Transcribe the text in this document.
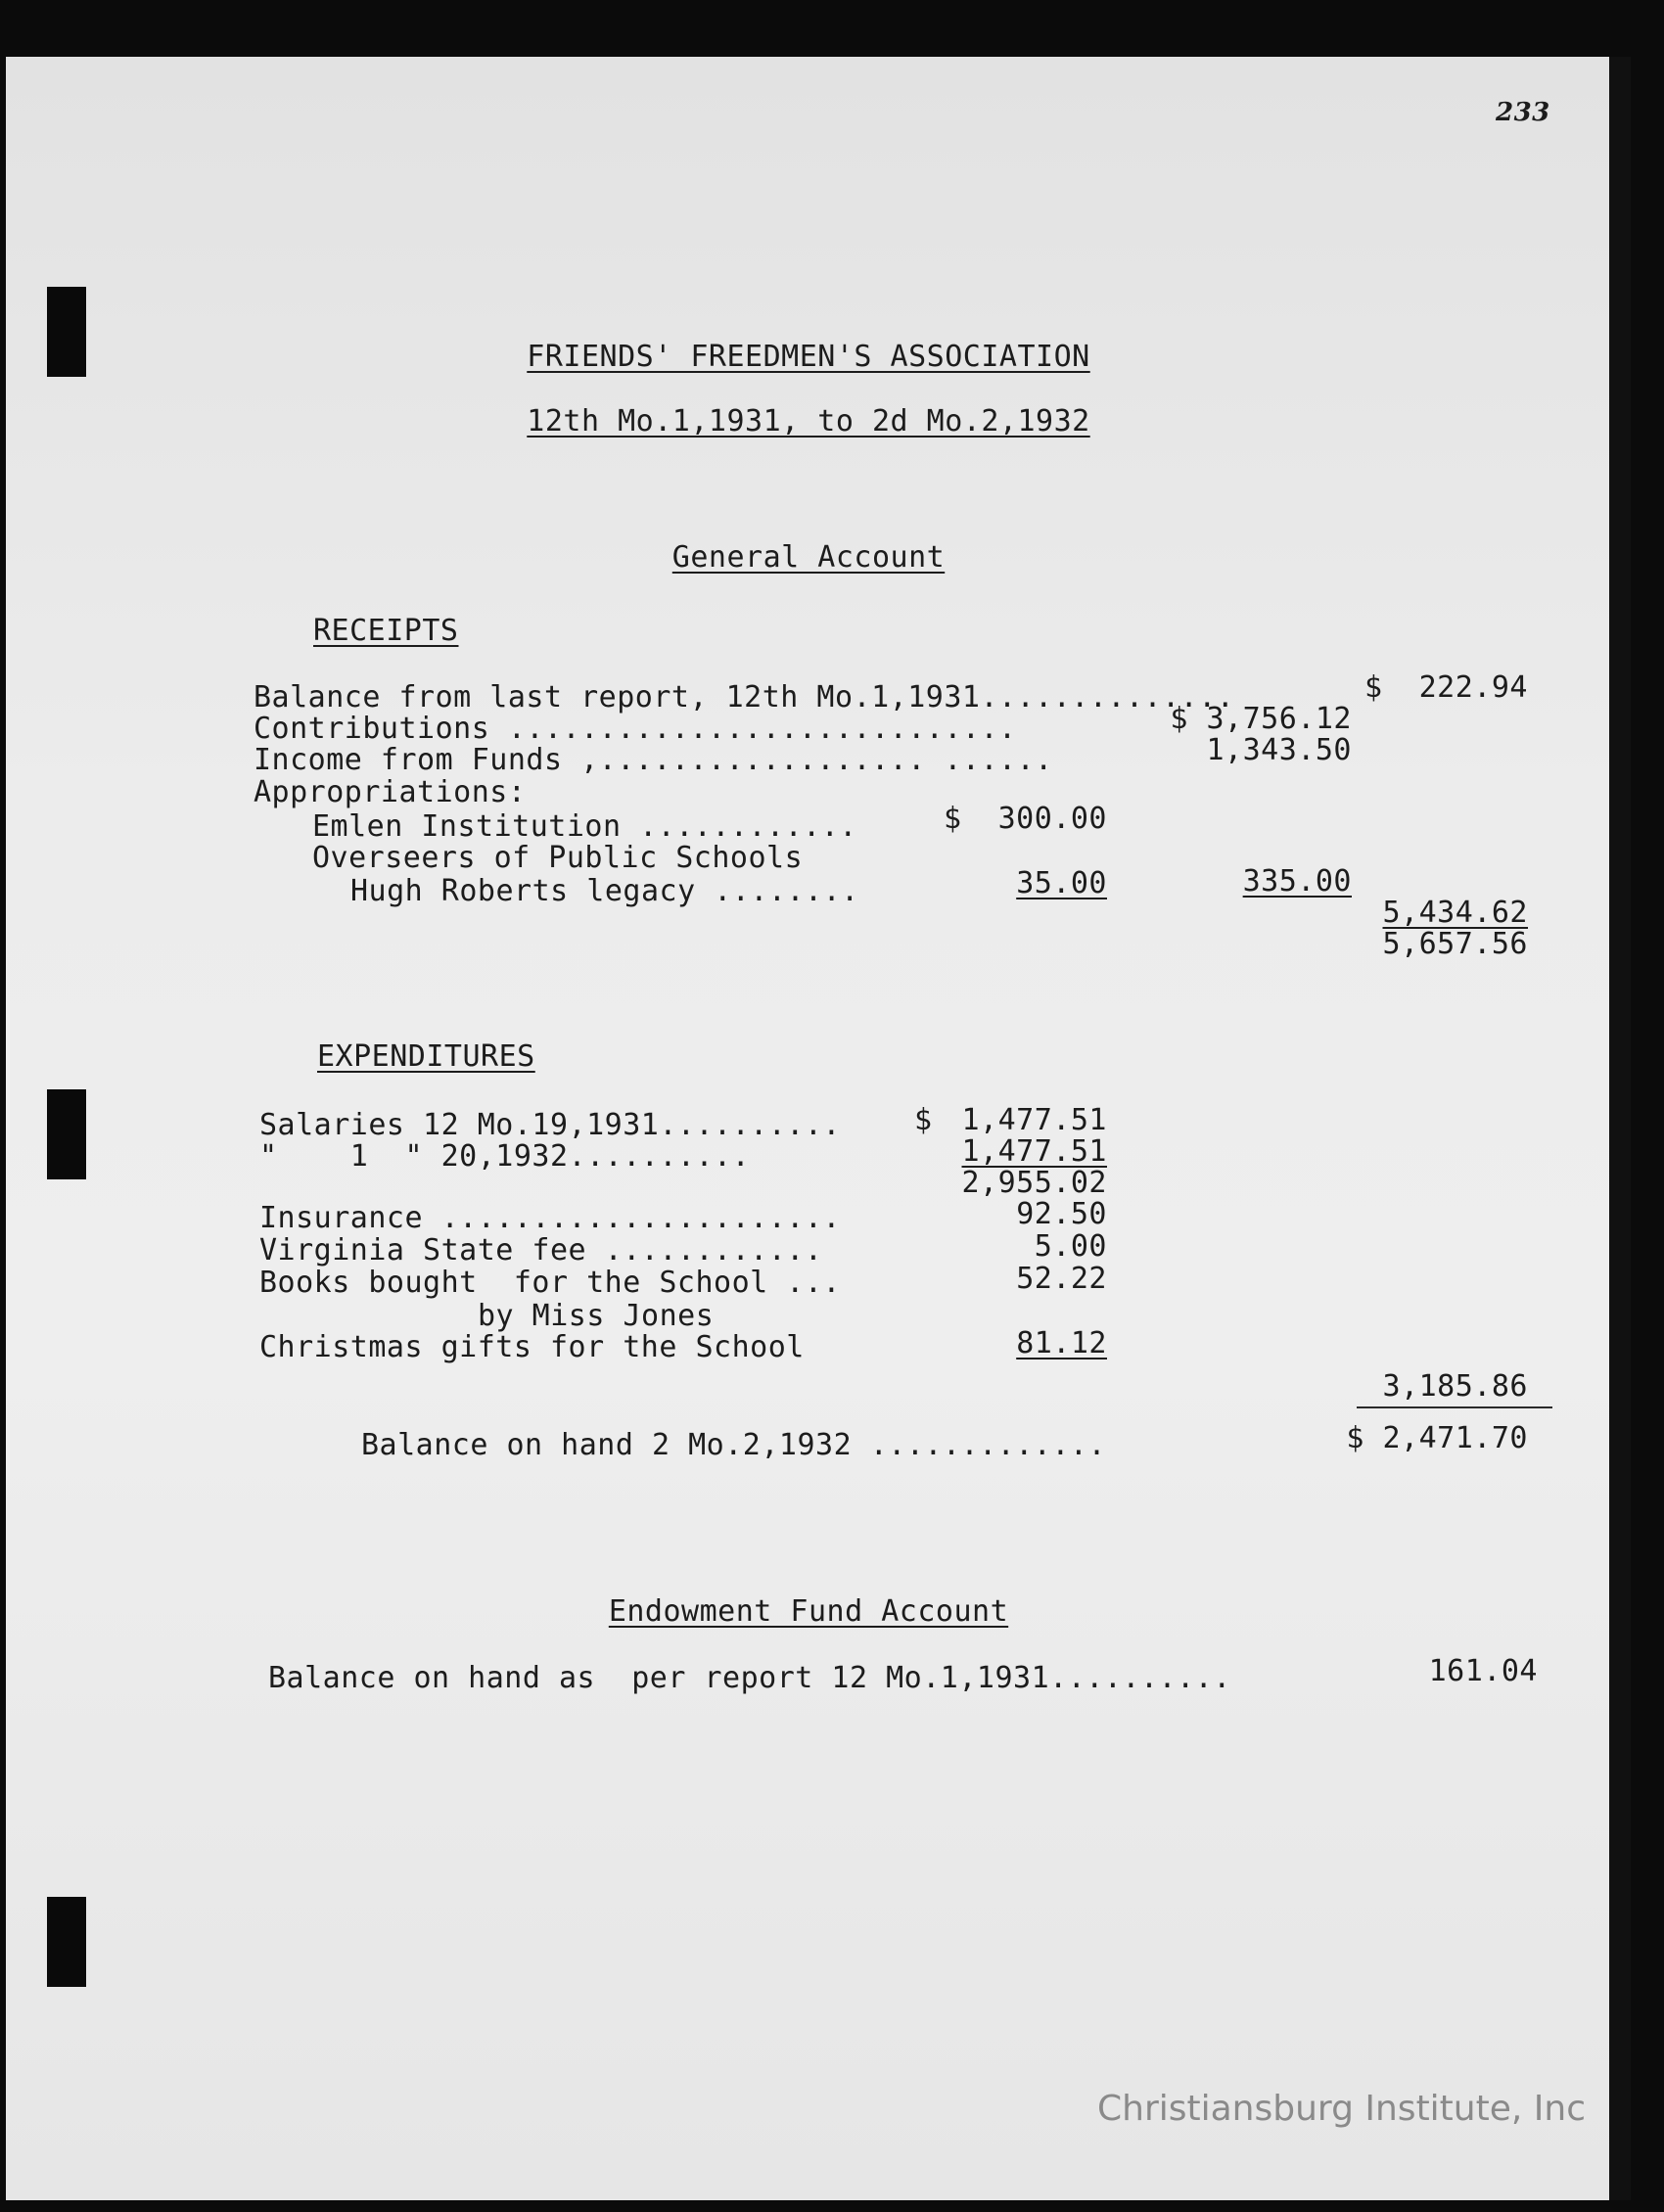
233
FRIENDS' FREEDMEN'S ASSOCIATION
12th Mo.1,1931, to 2d Mo.2,1932
General Account
RECEIPTS
Balance from last report, 12th Mo.1,1931..............	$  222.94
Contributions ............................	$ 3,756.12
Income from Funds ,.................. ......	1,343.50
Appropriations:
Emlen Institution ............	$  300.00
Overseers of Public Schools
Hugh Roberts legacy ........	35.00	335.00
5,434.62
5,657.56
EXPENDITURES
Salaries 12 Mo.19,1931..........	$ 1,477.51
"    1  " 20,1932..........	1,477.51
2,955.02
Insurance ......................	92.50
Virginia State fee ............	5.00
Books bought  for the School ...	52.22
by Miss Jones
Christmas gifts for the School	81.12
3,185.86
Balance on hand 2 Mo.2,1932 .............	$ 2,471.70
Endowment Fund Account
Balance on hand as  per report 12 Mo.1,1931..........	161.04
Christiansburg Institute, Inc
